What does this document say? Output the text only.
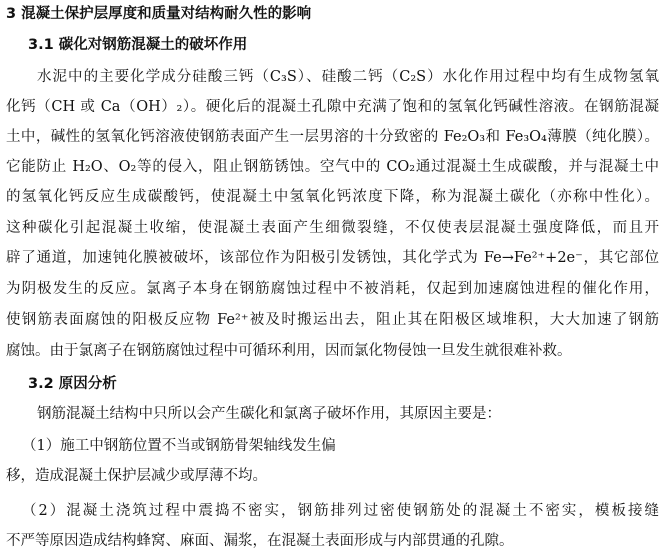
3 混凝土保护层厚度和质量对结构耐久性的影响
3.1 碳化对钢筋混凝土的破坏作用
水泥中的主要化学成分硅酸三钙（C₃S）、硅酸二钙（C₂S）水化作用过程中均有生成物氢氧
化钙（CH 或 Ca（OH）₂）。硬化后的混凝土孔隙中充满了饱和的氢氧化钙碱性溶液。在钢筋混凝
土中，碱性的氢氧化钙溶液使钢筋表面产生一层男溶的十分致密的 Fe₂O₃和 Fe₃O₄薄膜（纯化膜）。
它能防止 H₂O、O₂等的侵入，阻止钢筋锈蚀。空气中的 CO₂通过混凝土生成碳酸，并与混凝土中
的氢氧化钙反应生成碳酸钙，使混凝土中氢氧化钙浓度下降，称为混凝土碳化（亦称中性化）。
这种碳化引起混凝土收缩，使混凝土表面产生细微裂缝，不仅使表层混凝土强度降低，而且开
辟了通道，加速钝化膜被破坏，该部位作为阳极引发锈蚀，其化学式为 Fe→Fe²⁺+2e⁻，其它部位
为阴极发生的反应。氯离子本身在钢筋腐蚀过程中不被消耗，仅起到加速腐蚀进程的催化作用，
使钢筋表面腐蚀的阳极反应物 Fe²⁺被及时搬运出去，阻止其在阳极区域堆积，大大加速了钢筋
腐蚀。由于氯离子在钢筋腐蚀过程中可循环利用，因而氯化物侵蚀一旦发生就很难补救。
3.2 原因分析
钢筋混凝土结构中只所以会产生碳化和氯离子破坏作用，其原因主要是：
（1）施工中钢筋位置不当或钢筋骨架轴线发生偏
移，造成混凝土保护层减少或厚薄不均。
（2）混凝土浇筑过程中震捣不密实，钢筋排列过密使钢筋处的混凝土不密实，模板接缝
不严等原因造成结构蜂窝、麻面、漏浆，在混凝土表面形成与内部贯通的孔隙。
